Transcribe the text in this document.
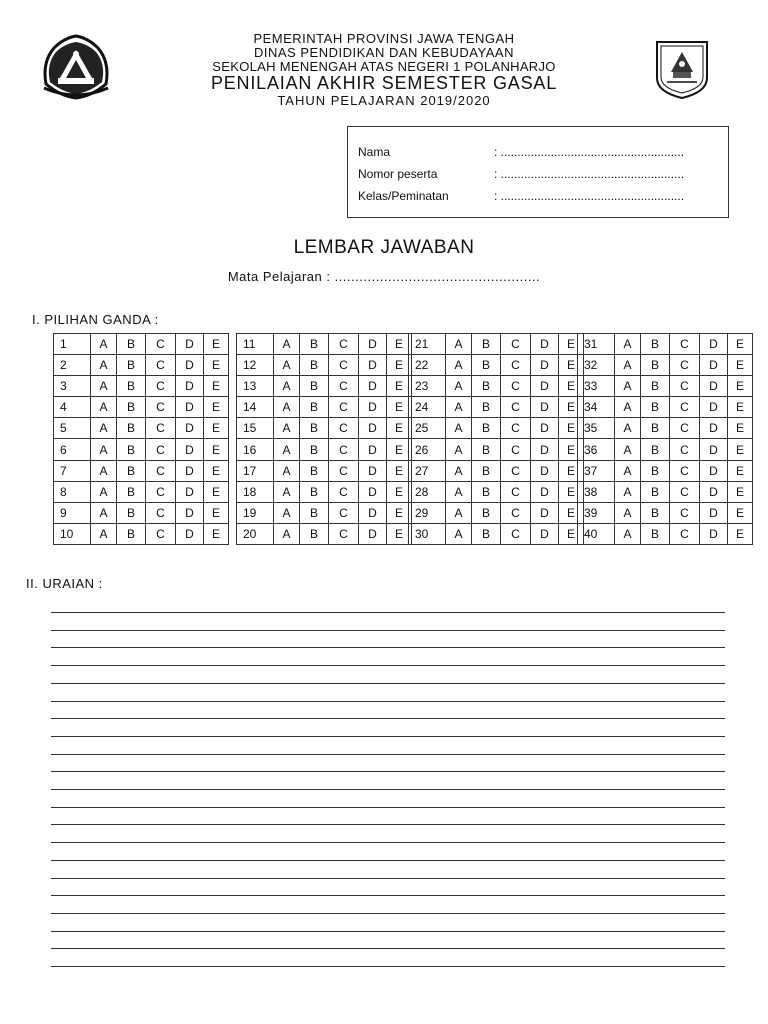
PEMERINTAH PROVINSI JAWA TENGAH
DINAS PENDIDIKAN DAN KEBUDAYAAN
SEKOLAH MENENGAH ATAS NEGERI 1 POLANHARJO
PENILAIAN AKHIR SEMESTER GASAL
TAHUN PELAJARAN 2019/2020
Nama	: .......................................................
Nomor peserta	: .......................................................
Kelas/Peminatan	: .......................................................
LEMBAR JAWABAN
Mata Pelajaran : ..................................................
I. PILIHAN GANDA :
1	A	B	C	D	E
2	A	B	C	D	E
3	A	B	C	D	E
4	A	B	C	D	E
5	A	B	C	D	E
6	A	B	C	D	E
7	A	B	C	D	E
8	A	B	C	D	E
9	A	B	C	D	E
10	A	B	C	D	E
11	A	B	C	D	E
12	A	B	C	D	E
13	A	B	C	D	E
14	A	B	C	D	E
15	A	B	C	D	E
16	A	B	C	D	E
17	A	B	C	D	E
18	A	B	C	D	E
19	A	B	C	D	E
20	A	B	C	D	E
21	A	B	C	D	E
22	A	B	C	D	E
23	A	B	C	D	E
24	A	B	C	D	E
25	A	B	C	D	E
26	A	B	C	D	E
27	A	B	C	D	E
28	A	B	C	D	E
29	A	B	C	D	E
30	A	B	C	D	E
31	A	B	C	D	E
32	A	B	C	D	E
33	A	B	C	D	E
34	A	B	C	D	E
35	A	B	C	D	E
36	A	B	C	D	E
37	A	B	C	D	E
38	A	B	C	D	E
39	A	B	C	D	E
40	A	B	C	D	E
II. URAIAN :
